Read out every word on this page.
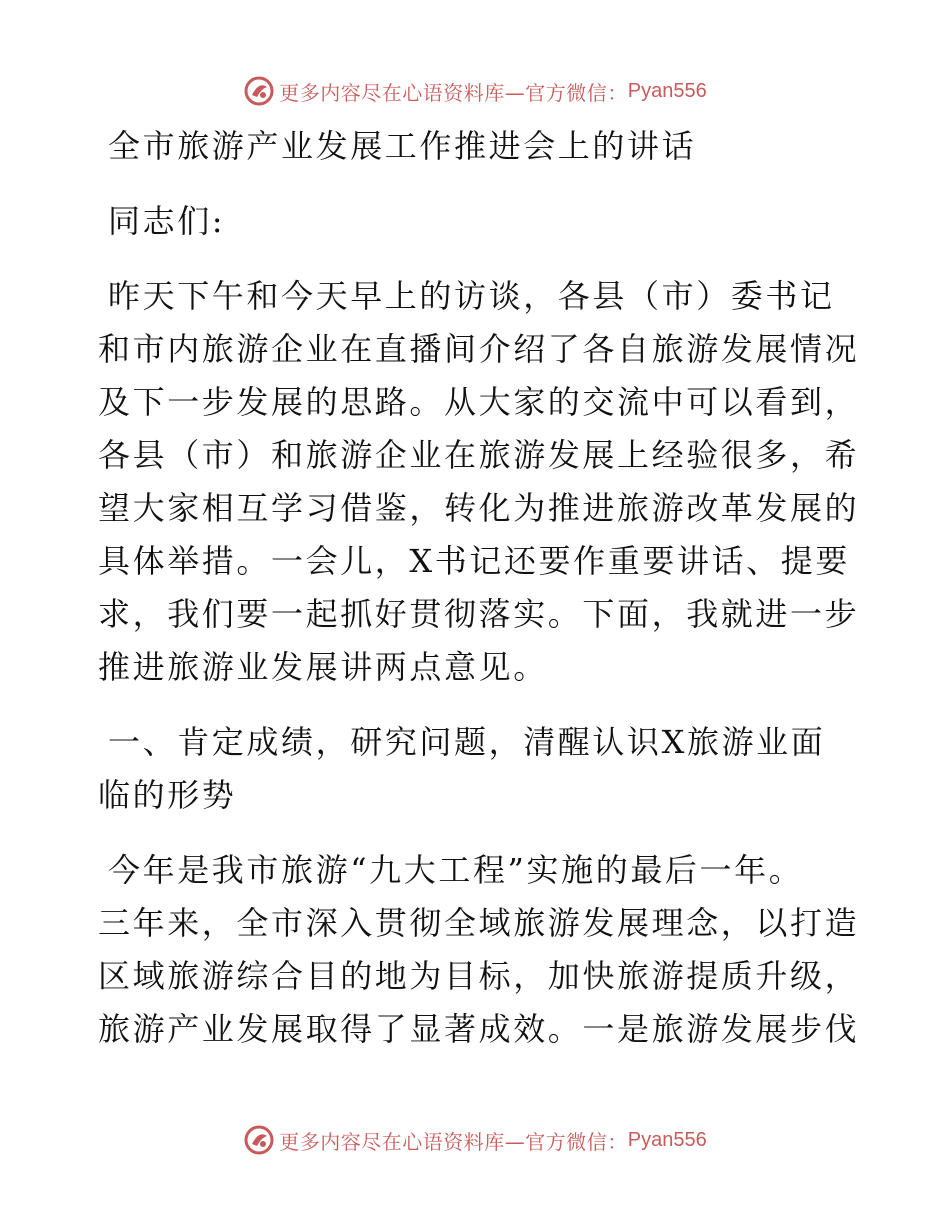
更多内容尽在心语资料库—官方微信： Pyan556
全市旅游产业发展工作推进会上的讲话
同志们:
昨天下午和今天早上的访谈，各县（市）委书记
和市内旅游企业在直播间介绍了各自旅游发展情况
及下一步发展的思路。从大家的交流中可以看到，
各县（市）和旅游企业在旅游发展上经验很多，希
望大家相互学习借鉴，转化为推进旅游改革发展的
具体举措。一会儿，X书记还要作重要讲话、提要
求，我们要一起抓好贯彻落实。下面，我就进一步
推进旅游业发展讲两点意见。
一、肯定成绩，研究问题，清醒认识X旅游业面
临的形势
今年是我市旅游“九大工程”实施的最后一年。
三年来，全市深入贯彻全域旅游发展理念，以打造
区域旅游综合目的地为目标，加快旅游提质升级，
旅游产业发展取得了显著成效。一是旅游发展步伐
更多内容尽在心语资料库—官方微信： Pyan556
